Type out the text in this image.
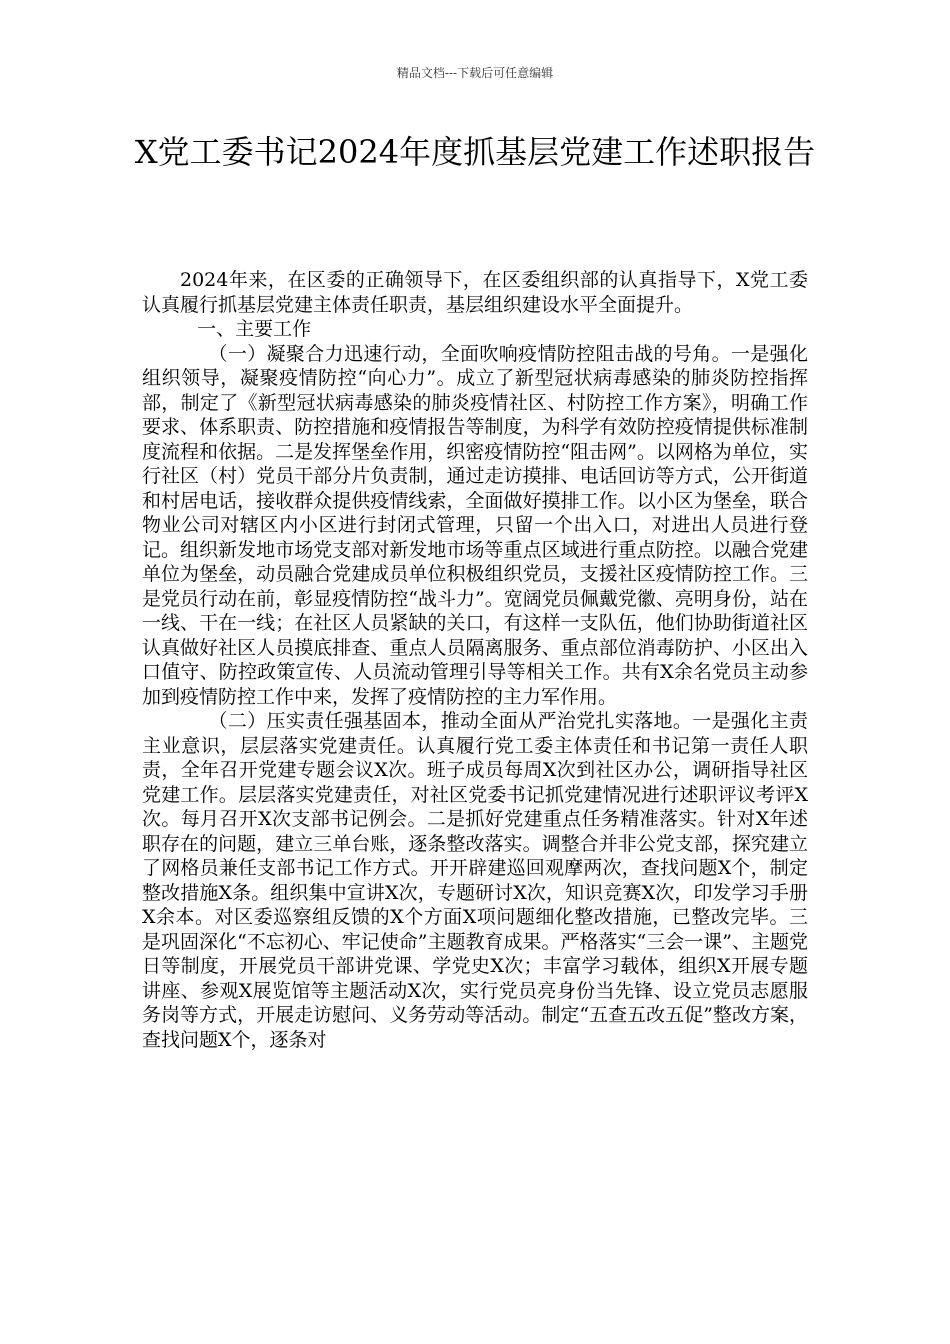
精品文档---下载后可任意编辑
X党工委书记2024年度抓基层党建工作述职报告

2024年来，在区委的正确领导下，在区委组织部的认真指导下，X党工委认真履行抓基层党建主体责任职责，基层组织建设水平全面提升。

一、主要工作

（一）凝聚合力迅速行动，全面吹响疫情防控阻击战的号角。一是强化组织领导，凝聚疫情防控“向心力”。成立了新型冠状病毒感染的肺炎防控指挥部，制定了《新型冠状病毒感染的肺炎疫情社区、村防控工作方案》，明确工作要求、体系职责、防控措施和疫情报告等制度，为科学有效防控疫情提供标准制度流程和依据。二是发挥堡垒作用，织密疫情防控“阻击网”。以网格为单位，实行社区（村）党员干部分片负责制，通过走访摸排、电话回访等方式，公开街道和村居电话，接收群众提供疫情线索，全面做好摸排工作。以小区为堡垒，联合物业公司对辖区内小区进行封闭式管理，只留一个出入口，对进出人员进行登记。组织新发地市场党支部对新发地市场等重点区域进行重点防控。以融合党建单位为堡垒，动员融合党建成员单位积极组织党员，支援社区疫情防控工作。三是党员行动在前，彰显疫情防控“战斗力”。宽阔党员佩戴党徽、亮明身份，站在一线、干在一线；在社区人员紧缺的关口，有这样一支队伍，他们协助街道社区认真做好社区人员摸底排查、重点人员隔离服务、重点部位消毒防护、小区出入口值守、防控政策宣传、人员流动管理引导等相关工作。共有X余名党员主动参加到疫情防控工作中来，发挥了疫情防控的主力军作用。

（二）压实责任强基固本，推动全面从严治党扎实落地。一是强化主责主业意识，层层落实党建责任。认真履行党工委主体责任和书记第一责任人职责，全年召开党建专题会议X次。班子成员每周X次到社区办公，调研指导社区党建工作。层层落实党建责任，对社区党委书记抓党建情况进行述职评议考评X次。每月召开X次支部书记例会。二是抓好党建重点任务精准落实。针对X年述职存在的问题，建立三单台账，逐条整改落实。调整合并非公党支部，探究建立了网格员兼任支部书记工作方式。开开辟建巡回观摩两次，查找问题X个，制定整改措施X条。组织集中宣讲X次，专题研讨X次，知识竞赛X次，印发学习手册X余本。对区委巡察组反馈的X个方面X项问题细化整改措施，已整改完毕。三是巩固深化“不忘初心、牢记使命”主题教育成果。严格落实“三会一课”、主题党日等制度，开展党员干部讲党课、学党史X次；丰富学习载体，组织X开展专题讲座、参观X展览馆等主题活动X次，实行党员亮身份当先锋、设立党员志愿服务岗等方式，开展走访慰问、义务劳动等活动。制定“五查五改五促”整改方案，查找问题X个，逐条对
